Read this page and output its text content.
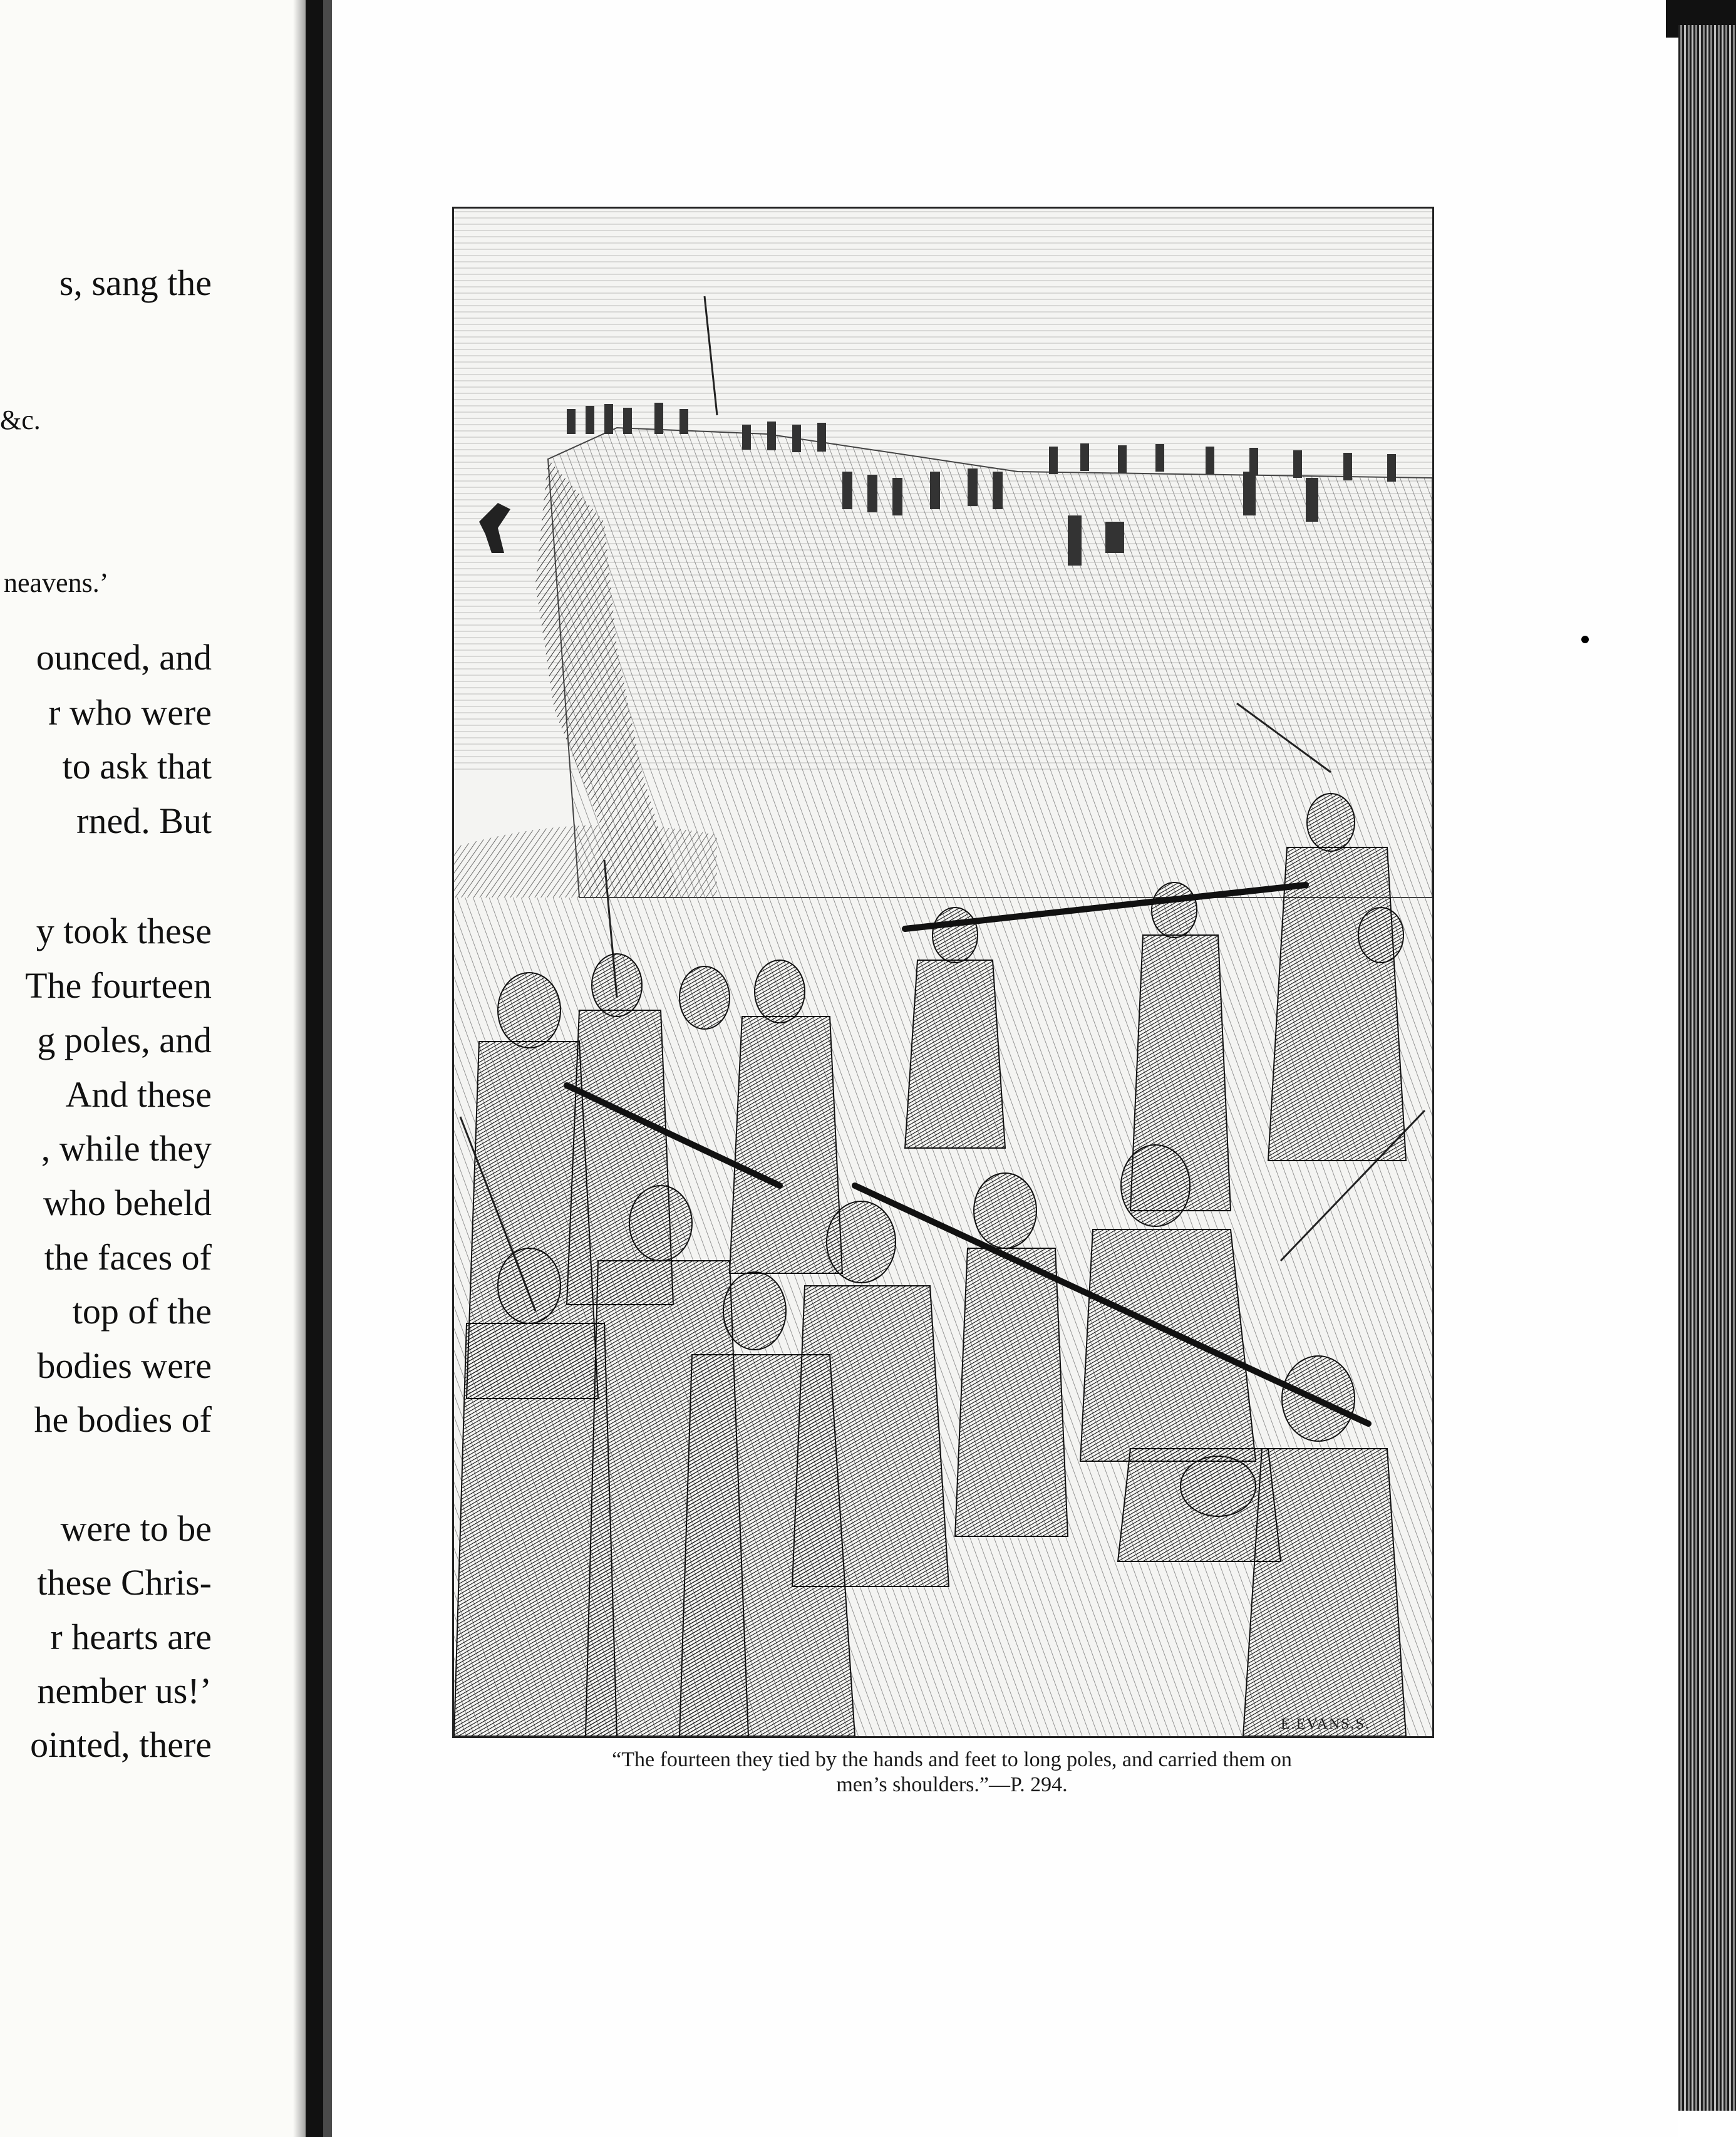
s, sang the
&c.
neavens.’
ounced, and
r who were
to ask that
rned. But
y took these
The fourteen
g poles, and
And these
, while they
who beheld
the faces of
top of the
bodies were
he bodies of
were to be
these Chris-
r hearts are
nember us!’
ointed, there	E.EVANS.S.
“The fourteen they tied by the hands and feet to long poles, and carried them on
men’s shoulders.”—P. 294.
